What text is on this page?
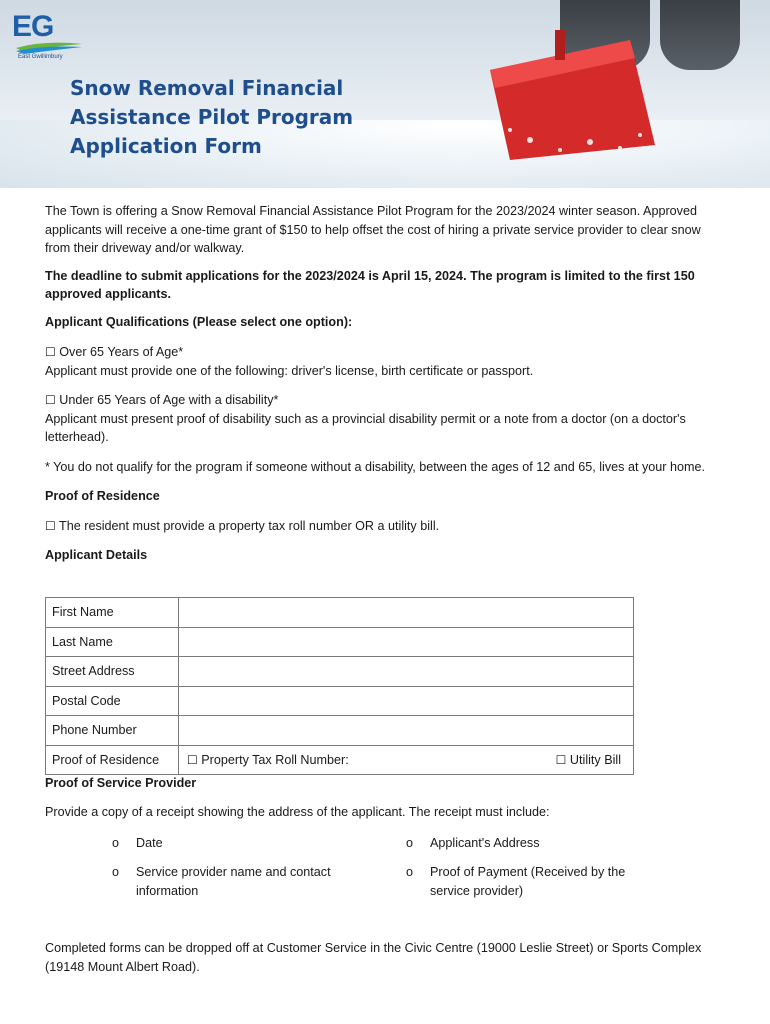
EG
East Gwillimbury
Snow Removal Financial
Assistance Pilot Program
Application Form

The Town is offering a Snow Removal Financial Assistance Pilot Program for the 2023/2024 winter season. Approved applicants will receive a one-time grant of $150 to help offset the cost of hiring a private service provider to clear snow from their driveway and/or walkway.

The deadline to submit applications for the 2023/2024 is April 15, 2024. The program is limited to the first 150 approved applicants.

Applicant Qualifications (Please select one option):

☐ Over 65 Years of Age*

Applicant must provide one of the following: driver's license, birth certificate or passport.

☐ Under 65 Years of Age with a disability*

Applicant must present proof of disability such as a provincial disability permit or a note from a doctor (on a doctor's letterhead).

* You do not qualify for the program if someone without a disability, between the ages of 12 and 65, lives at your home.

Proof of Residence

☐ The resident must provide a property tax roll number OR a utility bill.

Applicant Details

First Name	
Last Name	
Street Address	
Postal Code	
Phone Number	
Proof of Residence	☐ Property Tax Roll Number: ☐ Utility Bill

Proof of Service Provider

Provide a copy of a receipt showing the address of the applicant. The receipt must include:

o Date
o Service provider name and contact information
o Applicant's Address
o Proof of Payment (Received by the service provider)

Completed forms can be dropped off at Customer Service in the Civic Centre (19000 Leslie Street) or Sports Complex (19148 Mount Albert Road).
